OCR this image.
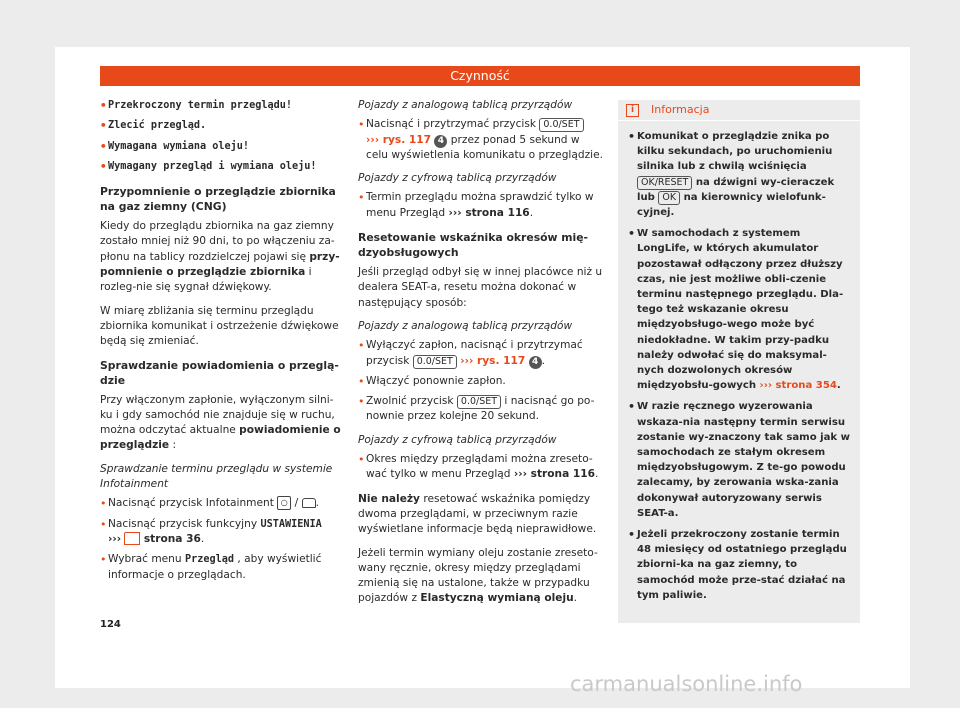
Czynność
• Przekroczony termin przeglądu!
• Zlecić przegląd.
• Wymagana wymiana oleju!
• Wymagany przegląd i wymiana oleju!
Przypomnienie o przeglądzie zbiornika na gaz ziemny (CNG)

Kiedy do przeglądu zbiornika na gaz ziemny zostało mniej niż 90 dni, to po włączeniu za-płonu na tablicy rozdzielczej pojawi się przy-pomnienie o przeglądzie zbiornika i rozleg-nie się sygnał dźwiękowy.

W miarę zbliżania się terminu przeglądu zbiornika komunikat i ostrzeżenie dźwiękowe będą się zmieniać.

Sprawdzanie powiadomienia o przeglą-dzie

Przy włączonym zapłonie, wyłączonym silni-ku i gdy samochód nie znajduje się w ruchu, można odczytać aktualne powiadomienie o przeglądzie :

Sprawdzanie terminu przeglądu w systemie Infotainment
• Nacisnąć przycisk Infotainment ○ / .
• Nacisnąć przycisk funkcyjny USTAWIENIA
››› strona 36.
• Wybrać menu Przegląd , aby wyświetlić informacje o przeglądach.
Pojazdy z analogową tablicą przyrządów
• Nacisnąć i przytrzymać przycisk 0.0/SET
››› rys. 117 4 przez ponad 5 sekund w celu wyświetlenia komunikatu o przeglądzie.
Pojazdy z cyfrową tablicą przyrządów
• Termin przeglądu można sprawdzić tylko w menu Przegląd ››› strona 116.
Resetowanie wskaźnika okresów mię-dzyobsługowych

Jeśli przegląd odbył się w innej placówce niż u dealera SEAT-a, resetu można dokonać w następujący sposób:

Pojazdy z analogową tablicą przyrządów
• Wyłączyć zapłon, nacisnąć i przytrzymać przycisk 0.0/SET ››› rys. 117 4 .
• Włączyć ponownie zapłon.
• Zwolnić przycisk 0.0/SET i nacisnąć go po-nownie przez kolejne 20 sekund.
Pojazdy z cyfrową tablicą przyrządów
• Okres między przeglądami można zreseto-wać tylko w menu Przegląd ››› strona 116.

Nie należy resetować wskaźnika pomiędzy dwoma przeglądami, w przeciwnym razie wyświetlane informacje będą nieprawidłowe.

Jeżeli termin wymiany oleju zostanie zreseto-wany ręcznie, okresy między przeglądami zmienią się na ustalone, także w przypadku pojazdów z Elastyczną wymianą oleju.

i	Informacja
• Komunikat o przeglądzie znika po kilku sekundach, po uruchomieniu silnika lub z chwilą wciśnięcia OK/RESET na dźwigni wy-cieraczek lub OK na kierownicy wielofunk-cyjnej.
• W samochodach z systemem LongLife, w których akumulator pozostawał odłączony przez dłuższy czas, nie jest możliwe obli-czenie terminu następnego przeglądu. Dla-tego też wskazanie okresu międzyobsługo-wego może być niedokładne. W takim przy-padku należy odwołać się do maksymal-nych dozwolonych okresów międzyobsłu-gowych ››› strona 354.
• W razie ręcznego wyzerowania wskaza-nia następny termin serwisu zostanie wy-znaczony tak samo jak w samochodach ze stałym okresem międzyobsługowym. Z te-go powodu zalecamy, by zerowania wska-zania dokonywał autoryzowany serwis SEAT-a.
• Jeżeli przekroczony zostanie termin 48 miesięcy od ostatniego przeglądu zbiorni-ka na gaz ziemny, to samochód może prze-stać działać na tym paliwie.
124
carmanualsonline.info
